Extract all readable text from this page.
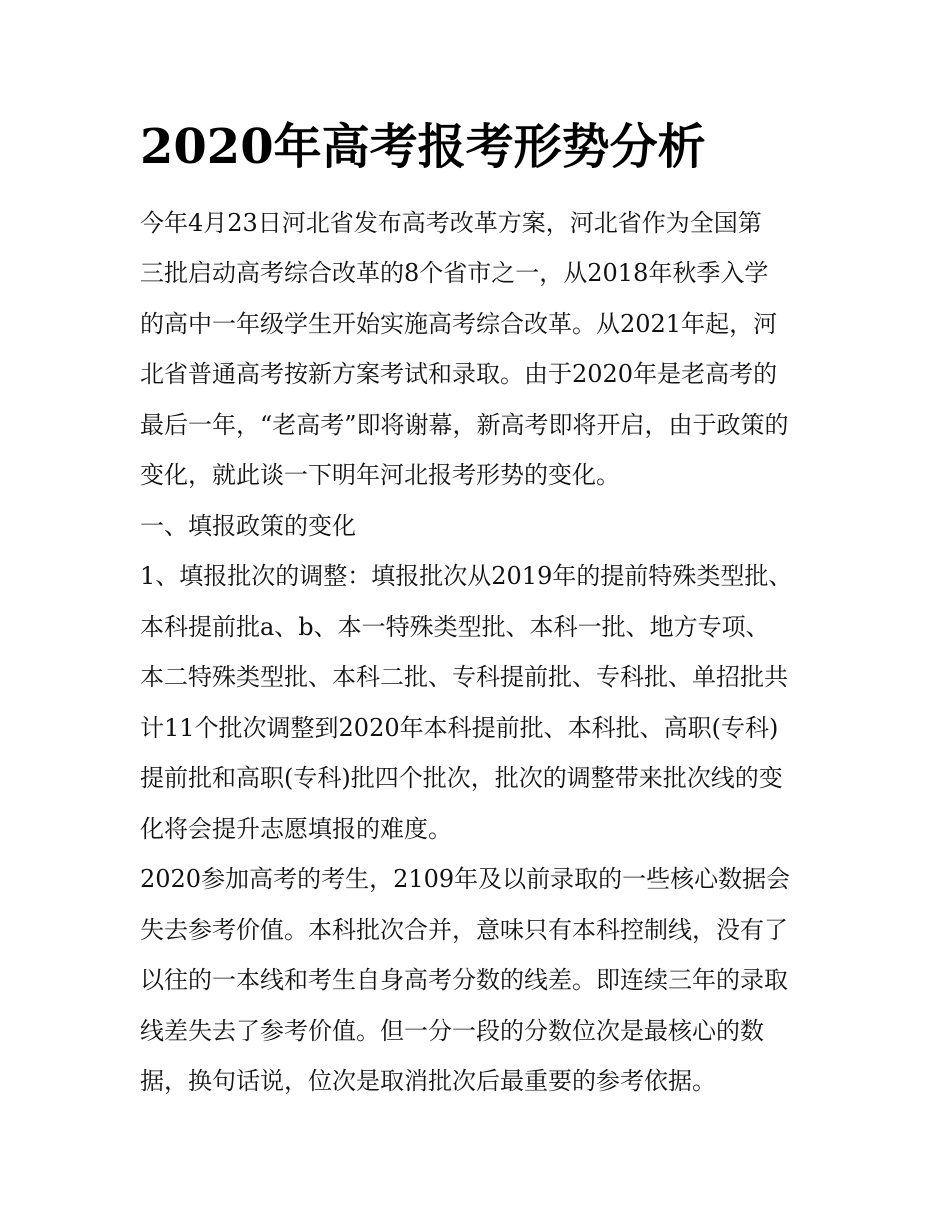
2020年高考报考形势分析

今年4月23日河北省发布高考改革方案，河北省作为全国第

三批启动高考综合改革的8个省市之一，从2018年秋季入学

的高中一年级学生开始实施高考综合改革。从2021年起，河

北省普通高考按新方案考试和录取。由于2020年是老高考的

最后一年，“老高考”即将谢幕，新高考即将开启，由于政策的

变化，就此谈一下明年河北报考形势的变化。

一、填报政策的变化

1、填报批次的调整：填报批次从2019年的提前特殊类型批、

本科提前批a、b、本一特殊类型批、本科一批、地方专项、

本二特殊类型批、本科二批、专科提前批、专科批、单招批共

计11个批次调整到2020年本科提前批、本科批、高职(专科)

提前批和高职(专科)批四个批次，批次的调整带来批次线的变

化将会提升志愿填报的难度。

2020参加高考的考生，2109年及以前录取的一些核心数据会

失去参考价值。本科批次合并，意味只有本科控制线，没有了

以往的一本线和考生自身高考分数的线差。即连续三年的录取

线差失去了参考价值。但一分一段的分数位次是最核心的数

据，换句话说，位次是取消批次后最重要的参考依据。
